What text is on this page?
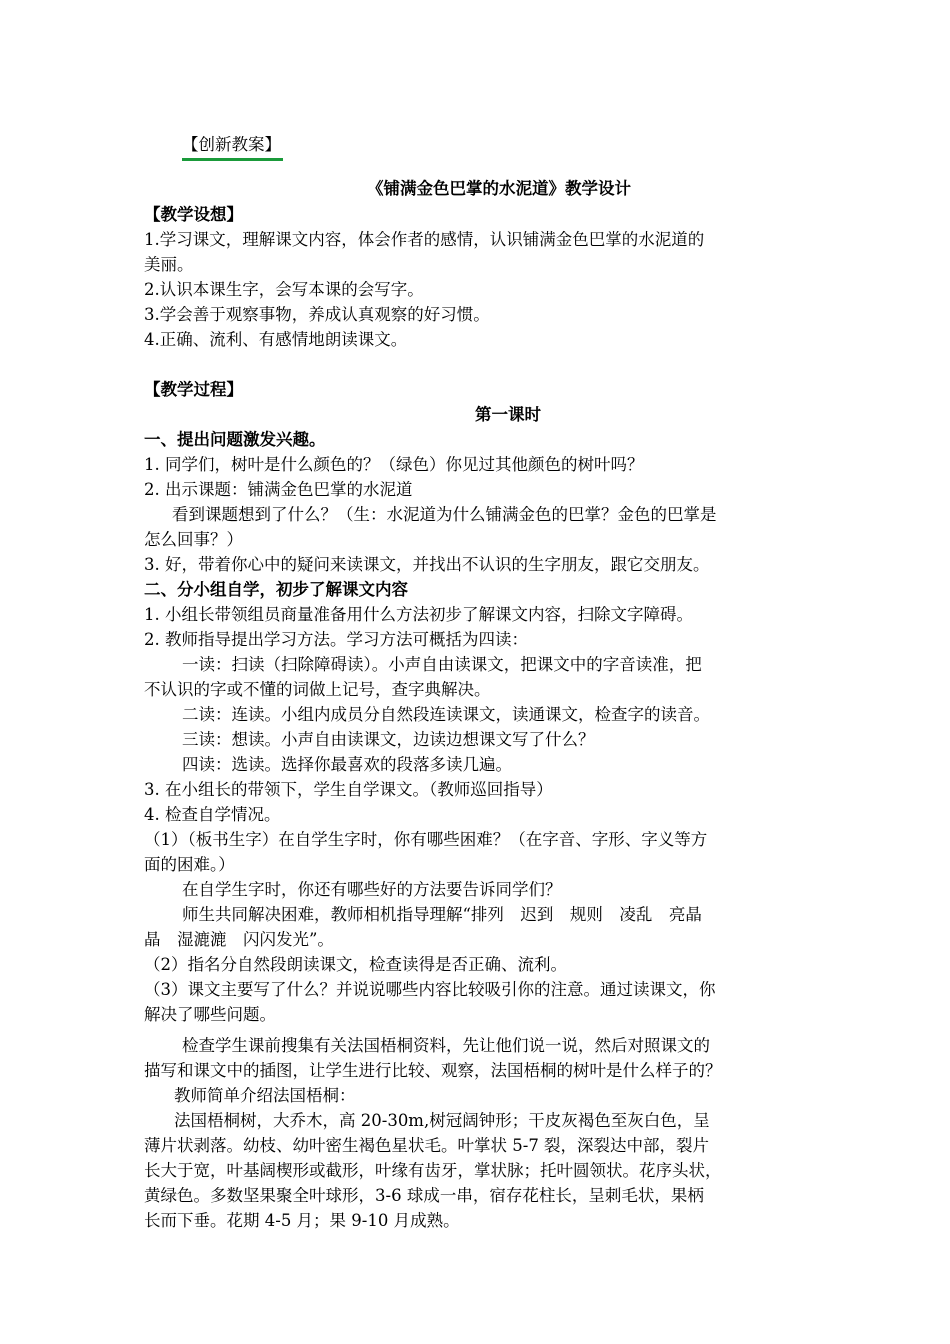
【创新教案】
《铺满金色巴掌的水泥道》教学设计
【教学设想】

1.学习课文，理解课文内容，体会作者的感情，认识铺满金色巴掌的水泥道的

美丽。

2.认识本课生字，会写本课的会写字。

3.学会善于观察事物，养成认真观察的好习惯。

4.正确、流利、有感情地朗读课文。

【教学过程】
第一课时
一、提出问题激发兴趣。

1. 同学们，树叶是什么颜色的？（绿色）你见过其他颜色的树叶吗？

2. 出示课题：铺满金色巴掌的水泥道

看到课题想到了什么？（生：水泥道为什么铺满金色的巴掌？金色的巴掌是

怎么回事？）

3. 好，带着你心中的疑问来读课文，并找出不认识的生字朋友，跟它交朋友。

二、分小组自学，初步了解课文内容

1. 小组长带领组员商量准备用什么方法初步了解课文内容，扫除文字障碍。

2. 教师指导提出学习方法。学习方法可概括为四读：

一读：扫读（扫除障碍读）。小声自由读课文，把课文中的字音读准，把

不认识的字或不懂的词做上记号，查字典解决。

二读：连读。小组内成员分自然段连读课文，读通课文，检查字的读音。

三读：想读。小声自由读课文，边读边想课文写了什么？

四读：选读。选择你最喜欢的段落多读几遍。

3. 在小组长的带领下，学生自学课文。（教师巡回指导）

4. 检查自学情况。

（1）（板书生字）在自学生字时，你有哪些困难？（在字音、字形、字义等方

面的困难。）

在自学生字时，你还有哪些好的方法要告诉同学们？

师生共同解决困难，教师相机指导理解“排列　迟到　规则　凌乱　亮晶

晶　湿漉漉　闪闪发光”。

（2）指名分自然段朗读课文，检查读得是否正确、流利。

（3）课文主要写了什么？并说说哪些内容比较吸引你的注意。通过读课文，你

解决了哪些问题。

检查学生课前搜集有关法国梧桐资料，先让他们说一说，然后对照课文的

描写和课文中的插图，让学生进行比较、观察，法国梧桐的树叶是什么样子的？

教师简单介绍法国梧桐：

法国梧桐树，大乔木，高 20-30m,树冠阔钟形；干皮灰褐色至灰白色，呈

薄片状剥落。幼枝、幼叶密生褐色星状毛。叶掌状 5-7 裂，深裂达中部，裂片

长大于宽，叶基阔楔形或截形，叶缘有齿牙，掌状脉；托叶圆领状。花序头状，

黄绿色。多数坚果聚全叶球形，3-6 球成一串，宿存花柱长，呈刺毛状，果柄

长而下垂。花期 4-5 月；果 9-10 月成熟。
